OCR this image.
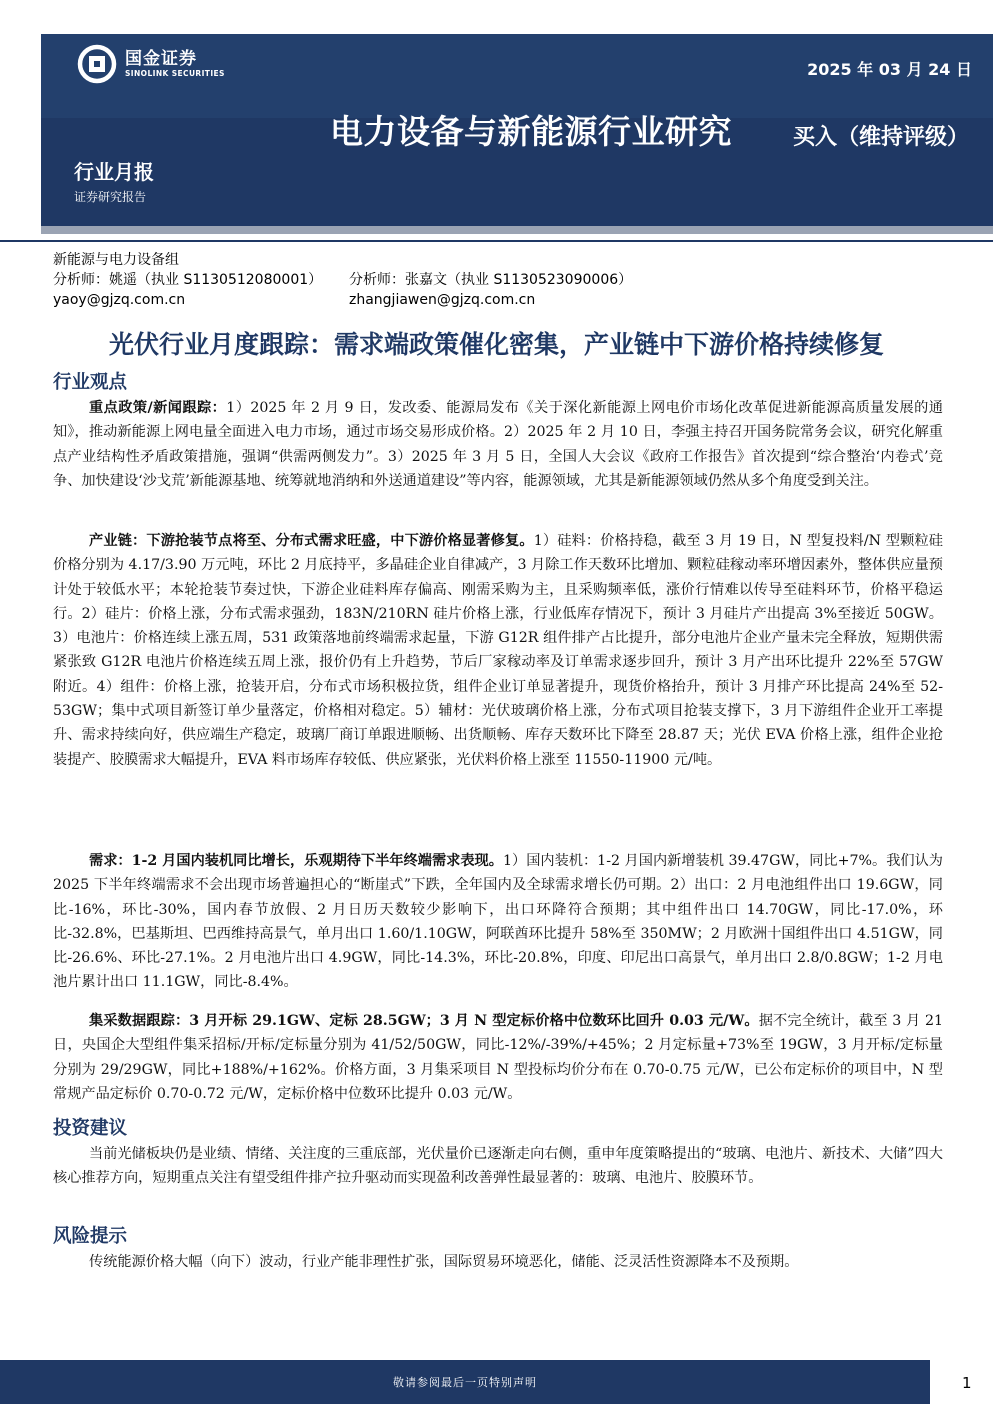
国金证券
SINOLINK SECURITIES	2025 年 03 月 24 日
电力设备与新能源行业研究	买入（维持评级）
行业月报
证券研究报告
新能源与电力设备组
分析师：姚遥（执业 S1130512080001）	分析师：张嘉文（执业 S1130523090006）
yaoy@gjzq.com.cn	zhangjiawen@gjzq.com.cn
光伏行业月度跟踪：需求端政策催化密集，产业链中下游价格持续修复
行业观点
重点政策/新闻跟踪：1）2025 年 2 月 9 日，发改委、能源局发布《关于深化新能源上网电价市场化改革促进新能源高质量发展的通知》，推动新能源上网电量全面进入电力市场，通过市场交易形成价格。2）2025 年 2 月 10 日，李强主持召开国务院常务会议，研究化解重点产业结构性矛盾政策措施，强调“供需两侧发力”。3）2025 年 3 月 5 日，全国人大会议《政府工作报告》首次提到“综合整治‘内卷式’竞争、加快建设‘沙戈荒’新能源基地、统筹就地消纳和外送通道建设”等内容，能源领域，尤其是新能源领域仍然从多个角度受到关注。
产业链：下游抢装节点将至、分布式需求旺盛，中下游价格显著修复。1）硅料：价格持稳，截至 3 月 19 日，N 型复投料/N 型颗粒硅价格分别为 4.17/3.90 万元吨，环比 2 月底持平，多晶硅企业自律减产，3 月除工作天数环比增加、颗粒硅稼动率环增因素外，整体供应量预计处于较低水平；本轮抢装节奏过快，下游企业硅料库存偏高、刚需采购为主，且采购频率低，涨价行情难以传导至硅料环节，价格平稳运行。2）硅片：价格上涨，分布式需求强劲，183N/210RN 硅片价格上涨，行业低库存情况下，预计 3 月硅片产出提高 3%至接近 50GW。3）电池片：价格连续上涨五周，531 政策落地前终端需求起量，下游 G12R 组件排产占比提升，部分电池片企业产量未完全释放，短期供需紧张致 G12R 电池片价格连续五周上涨，报价仍有上升趋势，节后厂家稼动率及订单需求逐步回升，预计 3 月产出环比提升 22%至 57GW 附近。4）组件：价格上涨，抢装开启，分布式市场积极拉货，组件企业订单显著提升，现货价格抬升，预计 3 月排产环比提高 24%至 52-53GW；集中式项目新签订单少量落定，价格相对稳定。5）辅材：光伏玻璃价格上涨，分布式项目抢装支撑下，3 月下游组件企业开工率提升、需求持续向好，供应端生产稳定，玻璃厂商订单跟进顺畅、出货顺畅、库存天数环比下降至 28.87 天；光伏 EVA 价格上涨，组件企业抢装提产、胶膜需求大幅提升，EVA 料市场库存较低、供应紧张，光伏料价格上涨至 11550-11900 元/吨。
需求：1-2 月国内装机同比增长，乐观期待下半年终端需求表现。1）国内装机：1-2 月国内新增装机 39.47GW，同比+7%。我们认为 2025 下半年终端需求不会出现市场普遍担心的“断崖式”下跌，全年国内及全球需求增长仍可期。2）出口：2 月电池组件出口 19.6GW，同比-16%，环比-30%，国内春节放假、2 月日历天数较少影响下，出口环降符合预期；其中组件出口 14.70GW，同比-17.0%，环比-32.8%，巴基斯坦、巴西维持高景气，单月出口 1.60/1.10GW，阿联酋环比提升 58%至 350MW；2 月欧洲十国组件出口 4.51GW，同比-26.6%、环比-27.1%。2 月电池片出口 4.9GW，同比-14.3%，环比-20.8%，印度、印尼出口高景气，单月出口 2.8/0.8GW；1-2 月电池片累计出口 11.1GW，同比-8.4%。
集采数据跟踪：3 月开标 29.1GW、定标 28.5GW；3 月 N 型定标价格中位数环比回升 0.03 元/W。据不完全统计，截至 3 月 21 日，央国企大型组件集采招标/开标/定标量分别为 41/52/50GW，同比-12%/-39%/+45%；2 月定标量+73%至 19GW，3 月开标/定标量分别为 29/29GW，同比+188%/+162%。价格方面，3 月集采项目 N 型投标均价分布在 0.70-0.75 元/W，已公布定标价的项目中，N 型常规产品定标价 0.70-0.72 元/W，定标价格中位数环比提升 0.03 元/W。
投资建议
当前光储板块仍是业绩、情绪、关注度的三重底部，光伏量价已逐渐走向右侧，重申年度策略提出的“玻璃、电池片、新技术、大储”四大核心推荐方向，短期重点关注有望受组件排产拉升驱动而实现盈利改善弹性最显著的：玻璃、电池片、胶膜环节。
风险提示
传统能源价格大幅（向下）波动，行业产能非理性扩张，国际贸易环境恶化，储能、泛灵活性资源降本不及预期。
敬请参阅最后一页特别声明	1
